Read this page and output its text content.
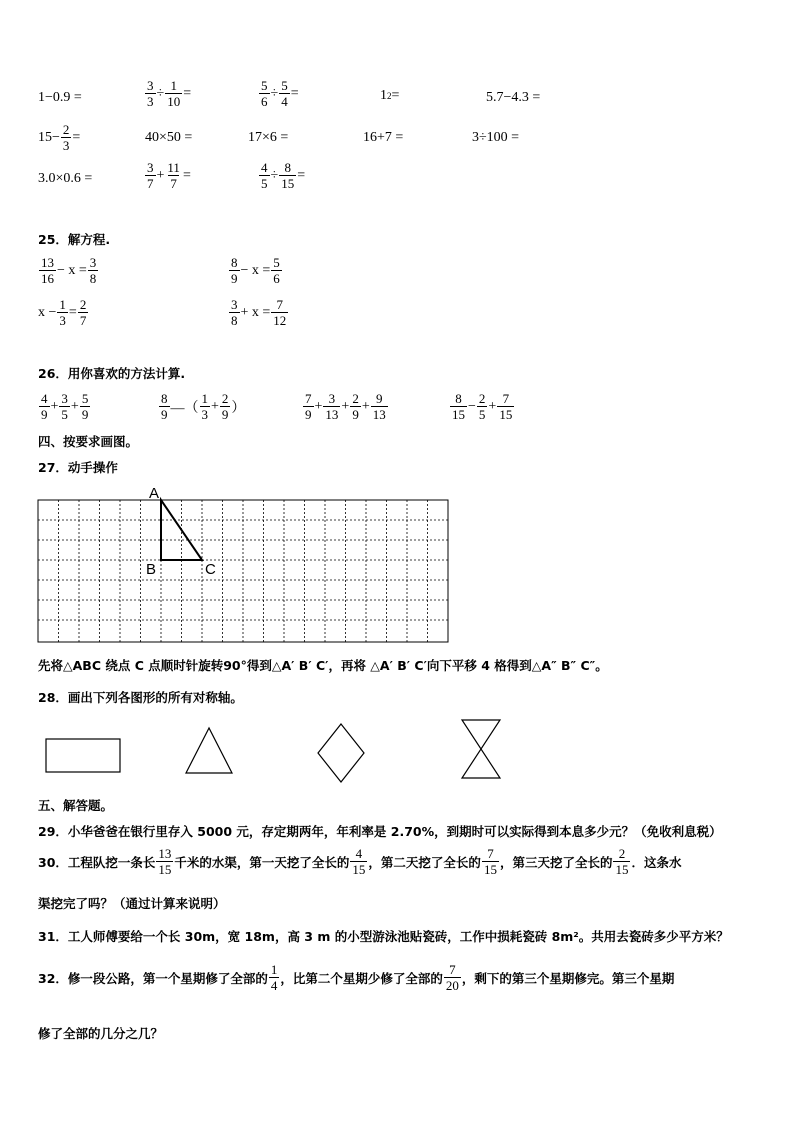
1−0.9 =	$\frac{3}{3} \div \frac{1}{10}$ =	$\frac{5}{6} \div \frac{5}{4}$ =	1 2 =	5.7−4.3 =
$15- \frac{2}{3}$ =	40×50 =	17×6 =	16+7 =	3÷100 =
3.0×0.6 =	$\frac{3}{7} + \frac{11}{7}$ =	$\frac{4}{5} \div \frac{8}{15}$ =
25．解方程.
$\frac{13}{16} - x = \frac{3}{8}$	$\frac{8}{9} - x = \frac{5}{6}$
$x - \frac{1}{3} = \frac{2}{7}$	$\frac{3}{8} + x = \frac{7}{12}$
26．用你喜欢的方法计算.
$\frac{4}{9} + \frac{3}{5} + \frac{5}{9}$	$\frac{8}{9}$ —（ $\frac{1}{3} + \frac{2}{9}$ ）	$\frac{7}{9} + \frac{3}{13} + \frac{2}{9} + \frac{9}{13}$	$\frac{8}{15} - \frac{2}{5} + \frac{7}{15}$
四、按要求画图。
27．动手操作
A
B	C
先将△ABC 绕点 C 点顺时针旋转90°得到△A′ B′ C′，再将 △A′ B′ C′向下平移 4 格得到△A″ B″ C″。
28．画出下列各图形的所有对称轴。
五、解答题。
29．小华爸爸在银行里存入 5000 元，存定期两年，年利率是 2.70%，到期时可以实际得到本息多少元？（免收利息税）
30．工程队挖一条长 $\frac{13}{15}$ 千米的水渠，第一天挖了全长的 $\frac{4}{15}$ ，第二天挖了全长的 $\frac{7}{15}$ ，第三天挖了全长的 $\frac{2}{15}$ ．这条水
渠挖完了吗？（通过计算来说明）
31．工人师傅要给一个长 30m，宽 18m，高 3 m 的小型游泳池贴瓷砖，工作中损耗瓷砖 8m²。共用去瓷砖多少平方米？
32．修一段公路，第一个星期修了全部的 $\frac{1}{4}$ ，比第二个星期少修了全部的 $\frac{7}{20}$ ，剩下的第三个星期修完。第三个星期
修了全部的几分之几？
